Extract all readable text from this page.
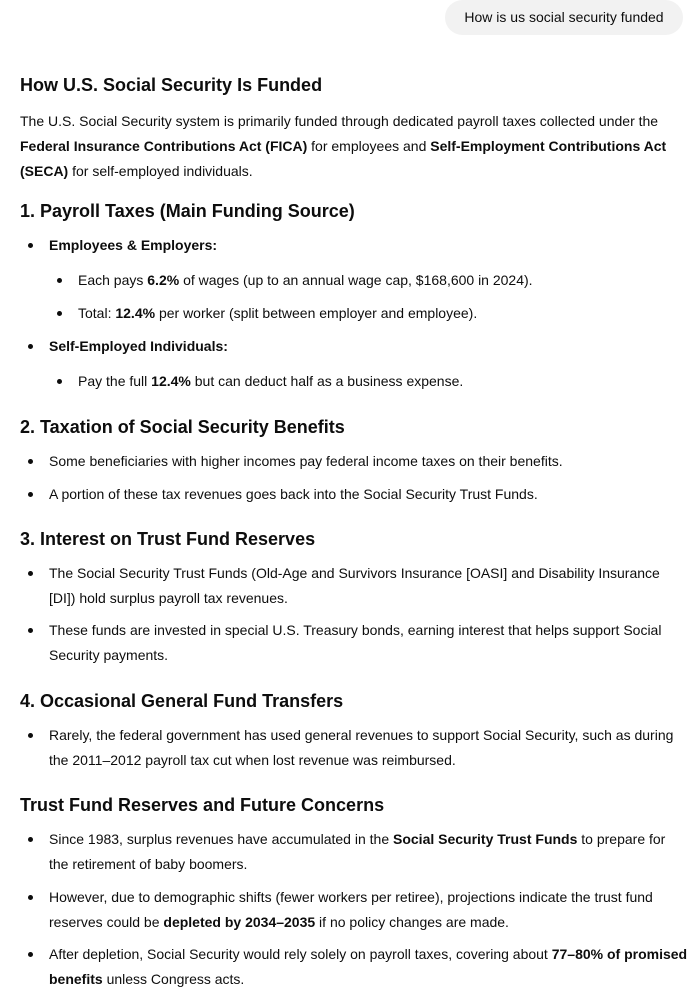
How is us social security funded
How U.S. Social Security Is Funded

The U.S. Social Security system is primarily funded through dedicated payroll taxes collected under the Federal Insurance Contributions Act (FICA) for employees and Self-Employment Contributions Act (SECA) for self-employed individuals.

1. Payroll Taxes (Main Funding Source)

Employees & Employers:

Each pays 6.2% of wages (up to an annual wage cap, $168,600 in 2024).

Total: 12.4% per worker (split between employer and employee).

Self-Employed Individuals:

Pay the full 12.4% but can deduct half as a business expense.

2. Taxation of Social Security Benefits

Some beneficiaries with higher incomes pay federal income taxes on their benefits.

A portion of these tax revenues goes back into the Social Security Trust Funds.

3. Interest on Trust Fund Reserves

The Social Security Trust Funds (Old-Age and Survivors Insurance [OASI] and Disability Insurance [DI]) hold surplus payroll tax revenues.

These funds are invested in special U.S. Treasury bonds, earning interest that helps support Social Security payments.

4. Occasional General Fund Transfers

Rarely, the federal government has used general revenues to support Social Security, such as during the 2011–2012 payroll tax cut when lost revenue was reimbursed.

Trust Fund Reserves and Future Concerns

Since 1983, surplus revenues have accumulated in the Social Security Trust Funds to prepare for the retirement of baby boomers.

However, due to demographic shifts (fewer workers per retiree), projections indicate the trust fund reserves could be depleted by 2034–2035 if no policy changes are made.

After depletion, Social Security would rely solely on payroll taxes, covering about 77–80% of promised benefits unless Congress acts.
